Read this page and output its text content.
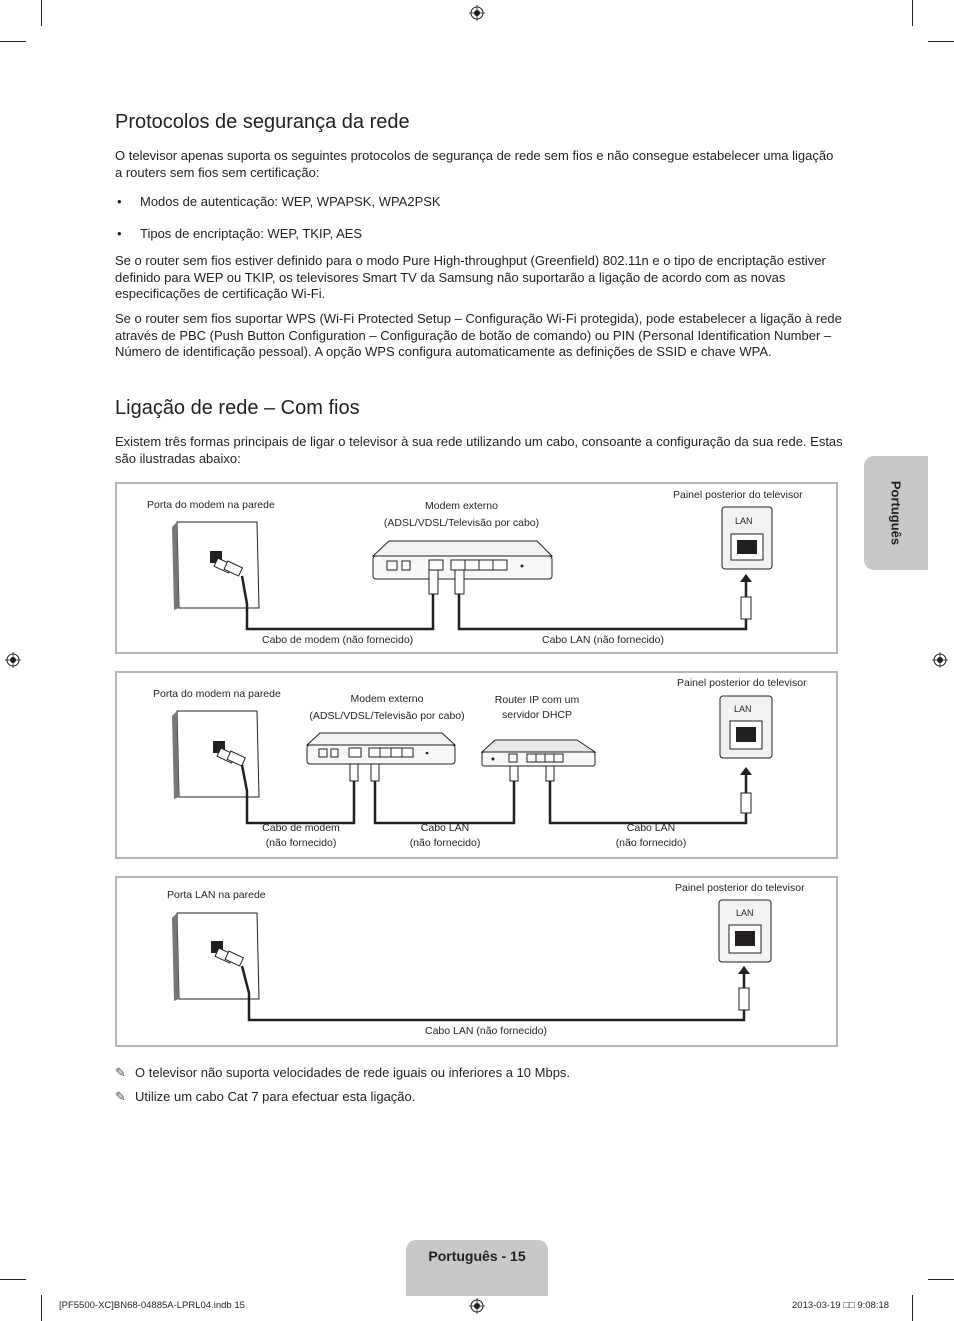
Protocolos de segurança da rede

O televisor apenas suporta os seguintes protocolos de segurança de rede sem fios e não consegue estabelecer uma ligação a routers sem fios sem certificação:

• Modos de autenticação: WEP, WPAPSK, WPA2PSK
• Tipos de encriptação: WEP, TKIP, AES

Se o router sem fios estiver definido para o modo Pure High-throughput (Greenfield) 802.11n e o tipo de encriptação estiver definido para WEP ou TKIP, os televisores Smart TV da Samsung não suportarão a ligação de acordo com as novas especificações de certificação Wi-Fi.

Se o router sem fios suportar WPS (Wi-Fi Protected Setup – Configuração Wi-Fi protegida), pode estabelecer a ligação à rede através de PBC (Push Button Configuration – Configuração de botão de comando) ou PIN (Personal Identification Number – Número de identificação pessoal). A opção WPS configura automaticamente as definições de SSID e chave WPA.

Ligação de rede – Com fios

Existem três formas principais de ligar o televisor à sua rede utilizando um cabo, consoante a configuração da sua rede. Estas são ilustradas abaixo:

Português
Porta do modem na parede	Modem externo
(ADSL/VDSL/Televisão por cabo)
Painel posterior do televisor
LAN
Cabo de modem (não fornecido)	Cabo LAN (não fornecido)
Porta do modem na parede	Modem externo
(ADSL/VDSL/Televisão por cabo)
Router IP com um
servidor DHCP
Painel posterior do televisor
LAN
Cabo de modem
(não fornecido)
Cabo LAN
(não fornecido)
Cabo LAN
(não fornecido)
Porta LAN na parede
Painel posterior do televisor
LAN
Cabo LAN (não fornecido)
✎ O televisor não suporta velocidades de rede iguais ou inferiores a 10 Mbps.
✎ Utilize um cabo Cat 7 para efectuar esta ligação.
Português - 15
[PF5500-XC]BN68-04885A-LPRL04.indb 15	2013-03-19 □□ 9:08:18
